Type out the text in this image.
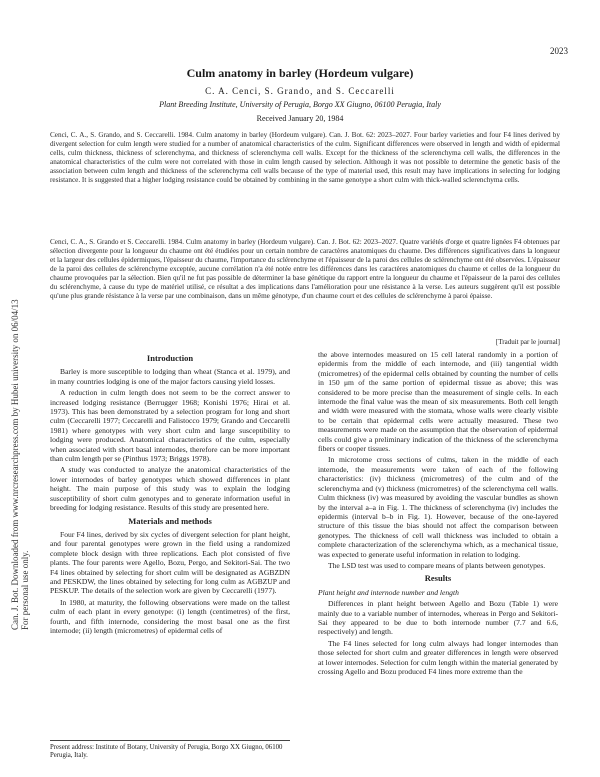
2023
Can. J. Bot. Downloaded from www.nrcresearchpress.com by Hubei university on 06/04/13 For personal use only.
Culm anatomy in barley (Hordeum vulgare)
C. A. Cenci, S. Grando, and S. Ceccarelli
Plant Breeding Institute, University of Perugia, Borgo XX Giugno, 06100 Perugia, Italy
Received January 20, 1984
Cenci, C. A., S. Grando, and S. Ceccarelli. 1984. Culm anatomy in barley (Hordeum vulgare). Can. J. Bot. 62: 2023–2027. Four barley varieties and four F4 lines derived by divergent selection for culm length were studied for a number of anatomical characteristics of the culm. Significant differences were observed in length and width of epidermal cells, culm thickness, thickness of sclerenchyma, and thickness of sclerenchyma cell walls. Except for the thickness of the sclerenchyma cell walls, the differences in the anatomical characteristics of the culm were not correlated with those in culm length caused by selection. Although it was not possible to determine the genetic basis of the association between culm length and thickness of the sclerenchyma cell walls because of the type of material used, this result may have implications in selecting for lodging resistance. It is suggested that a higher lodging resistance could be obtained by combining in the same genotype a short culm with thick-walled sclerenchyma cells.
Cenci, C. A., S. Grando et S. Ceccarelli. 1984. Culm anatomy in barley (Hordeum vulgare). Can. J. Bot. 62: 2023–2027. Quatre variétés d'orge et quatre lignées F4 obtenues par sélection divergente pour la longueur du chaume ont été étudiées pour un certain nombre de caractères anatomiques du chaume. Des différences significatives dans la longueur et la largeur des cellules épidermiques, l'épaisseur du chaume, l'importance du sclérenchyme et l'épaisseur de la paroi des cellules de sclérenchyme ont été observées. L'épaisseur de la paroi des cellules de sclérenchyme exceptée, aucune corrélation n'a été notée entre les différences dans les caractères anatomiques du chaume et celles de la longueur du chaume provoquées par la sélection. Bien qu'il ne fut pas possible de déterminer la base génétique du rapport entre la longueur du chaume et l'épaisseur de la paroi des cellules du sclérenchyme, à cause du type de matériel utilisé, ce résultat a des implications dans l'amélioration pour une résistance à la verse. Les auteurs suggèrent qu'il est possible qu'une plus grande résistance à la verse par une combinaison, dans un même génotype, d'un chaume court et des cellules de sclérenchyme à paroi épaisse.
[Traduit par le journal]
Introduction

Barley is more susceptible to lodging than wheat (Stanca et al. 1979), and in many countries lodging is one of the major factors causing yield losses.

A reduction in culm length does not seem to be the correct answer to increased lodging resistance (Berrugger 1968; Konishi 1976; Hirai et al. 1973). This has been demonstrated by a selection program for long and short culm (Ceccarelli 1977; Ceccarelli and Falistocco 1979; Grando and Ceccarelli 1981) where genotypes with very short culm and large susceptibility to lodging were produced. Anatomical characteristics of the culm, especially when associated with short basal internodes, therefore can be more important than culm length per se (Pinthus 1973; Briggs 1978).

A study was conducted to analyze the anatomical characteristics of the lower internodes of barley genotypes which showed differences in plant height. The main purpose of this study was to explain the lodging susceptibility of short culm genotypes and to generate information useful in breeding for lodging resistance. Results of this study are presented here.

Materials and methods

Four F4 lines, derived by six cycles of divergent selection for plant height, and four parental genotypes were grown in the field using a randomized complete block design with three replications. Each plot consisted of five plants. The four parents were Agello, Bozu, Pergo, and Sekitori-Sai. The two F4 lines obtained by selecting for short culm will be designated as AGBZDN and PESKDW, the lines obtained by selecting for long culm as AGBZUP and PESKUP. The details of the selection work are given by Ceccarelli (1977).

In 1980, at maturity, the following observations were made on the tallest culm of each plant in every genotype: (i) length (centimetres) of the first, fourth, and fifth internode, considering the most basal one as the first internode; (ii) length (micrometres) of epidermal cells of

the above internodes measured on 15 cell lateral randomly in a portion of epidermis from the middle of each internode, and (iii) tangential width (micrometres) of the epidermal cells obtained by counting the number of cells in 150 μm of the same portion of epidermal tissue as above; this was considered to be more precise than the measurement of single cells. In each internode the final value was the mean of six measurements. Both cell length and width were measured with the stomata, whose walls were clearly visible to be certain that epidermal cells were actually measured. These two measurements were made on the assumption that the observation of epidermal cells could give a preliminary indication of the thickness of the sclerenchyma fibers or cooper tissues.

In microtome cross sections of culms, taken in the middle of each internode, the measurements were taken of each of the following characteristics: (iv) thickness (micrometres) of the culm and of the sclerenchyma and (v) thickness (micrometres) of the sclerenchyma cell walls. Culm thickness (iv) was measured by avoiding the vascular bundles as shown by the interval a–a in Fig. 1. The thickness of sclerenchyma (iv) includes the epidermis (interval b–b in Fig. 1). However, because of the one-layered structure of this tissue the bias should not affect the comparison between genotypes. The thickness of cell wall thickness was included to obtain a complete characterization of the sclerenchyma which, as a mechanical tissue, was expected to generate useful information in relation to lodging.

The LSD test was used to compare means of plants between genotypes.

Results
Plant height and internode number and length

Differences in plant height between Agello and Bozu (Table 1) were mainly due to a variable number of internodes, whereas in Pergo and Sekitori-Sai they appeared to be due to both internode number (7.7 and 6.6, respectively) and length.

The F4 lines selected for long culm always had longer internodes than those selected for short culm and greater differences in length were observed at lower internodes. Selection for culm length within the material generated by crossing Agello and Bozu produced F4 lines more extreme than the

Present address: Institute of Botany, University of Perugia, Borgo XX Giugno, 06100 Perugia, Italy.
